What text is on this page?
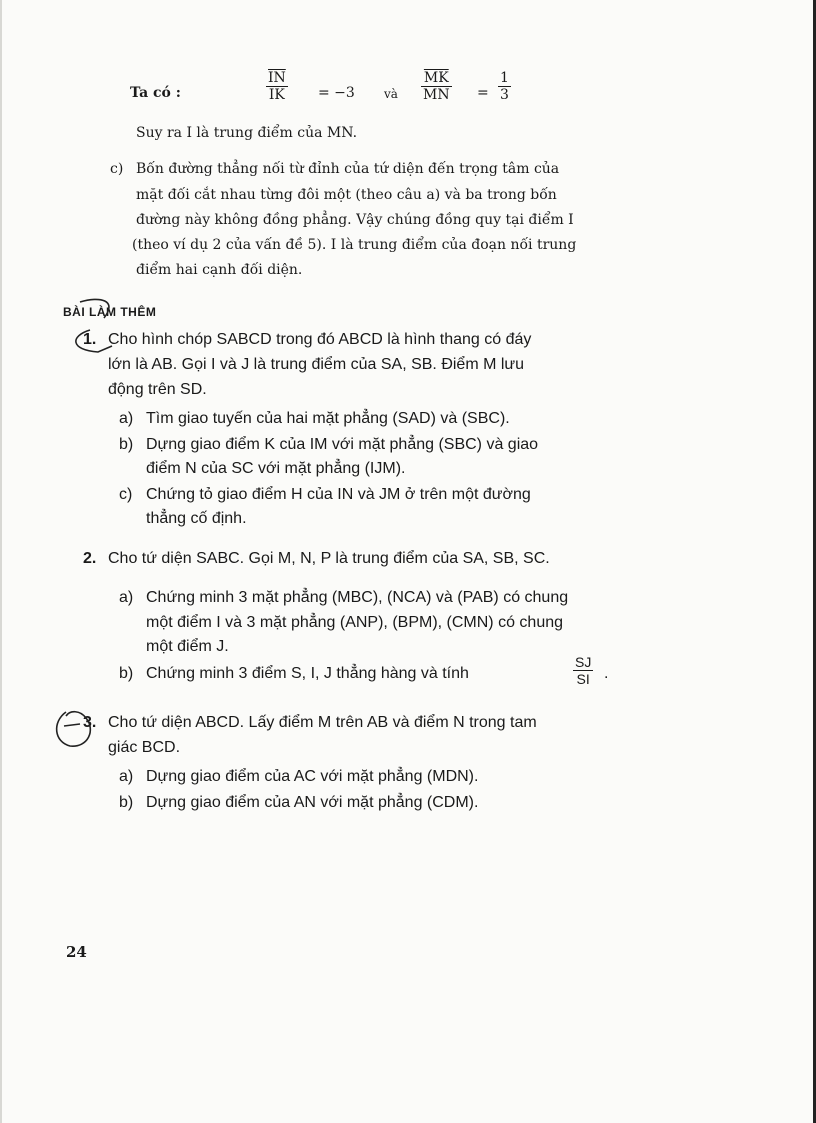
Ta có :	$\frac{\overline{IN}}{IK} = -3$ và $\frac{\overline{MK}}{MN} = \frac{1}{3}$
Suy ra I là trung điểm của MN.
c) Bốn đường thẳng nối từ đỉnh của tứ diện đến trọng tâm của
mặt đối cắt nhau từng đôi một (theo câu a) và ba trong bốn
đường này không đồng phẳng. Vậy chúng đồng quy tại điểm I
(theo ví dụ 2 của vấn đề 5). I là trung điểm của đoạn nối trung
điểm hai cạnh đối diện.
BÀI LÀM THÊM
1. Cho hình chóp SABCD trong đó ABCD là hình thang có đáy
lớn là AB. Gọi I và J là trung điểm của SA, SB. Điểm M lưu
động trên SD.
a) Tìm giao tuyến của hai mặt phẳng (SAD) và (SBC).
b) Dựng giao điểm K của IM với mặt phẳng (SBC) và giao
điểm N của SC với mặt phẳng (IJM).
c) Chứng tỏ giao điểm H của IN và JM ở trên một đường
thẳng cố định.
2. Cho tứ diện SABC. Gọi M, N, P là trung điểm của SA, SB, SC.
a) Chứng minh 3 mặt phẳng (MBC), (NCA) và (PAB) có chung
một điểm I và 3 mặt phẳng (ANP), (BPM), (CMN) có chung
một điểm J.
b) Chứng minh 3 điểm S, I, J thẳng hàng và tính	$\frac{SJ}{SI}$ .
3. Cho tứ diện ABCD. Lấy điểm M trên AB và điểm N trong tam
giác BCD.
a) Dựng giao điểm của AC với mặt phẳng (MDN).
b) Dựng giao điểm của AN với mặt phẳng (CDM).
24
